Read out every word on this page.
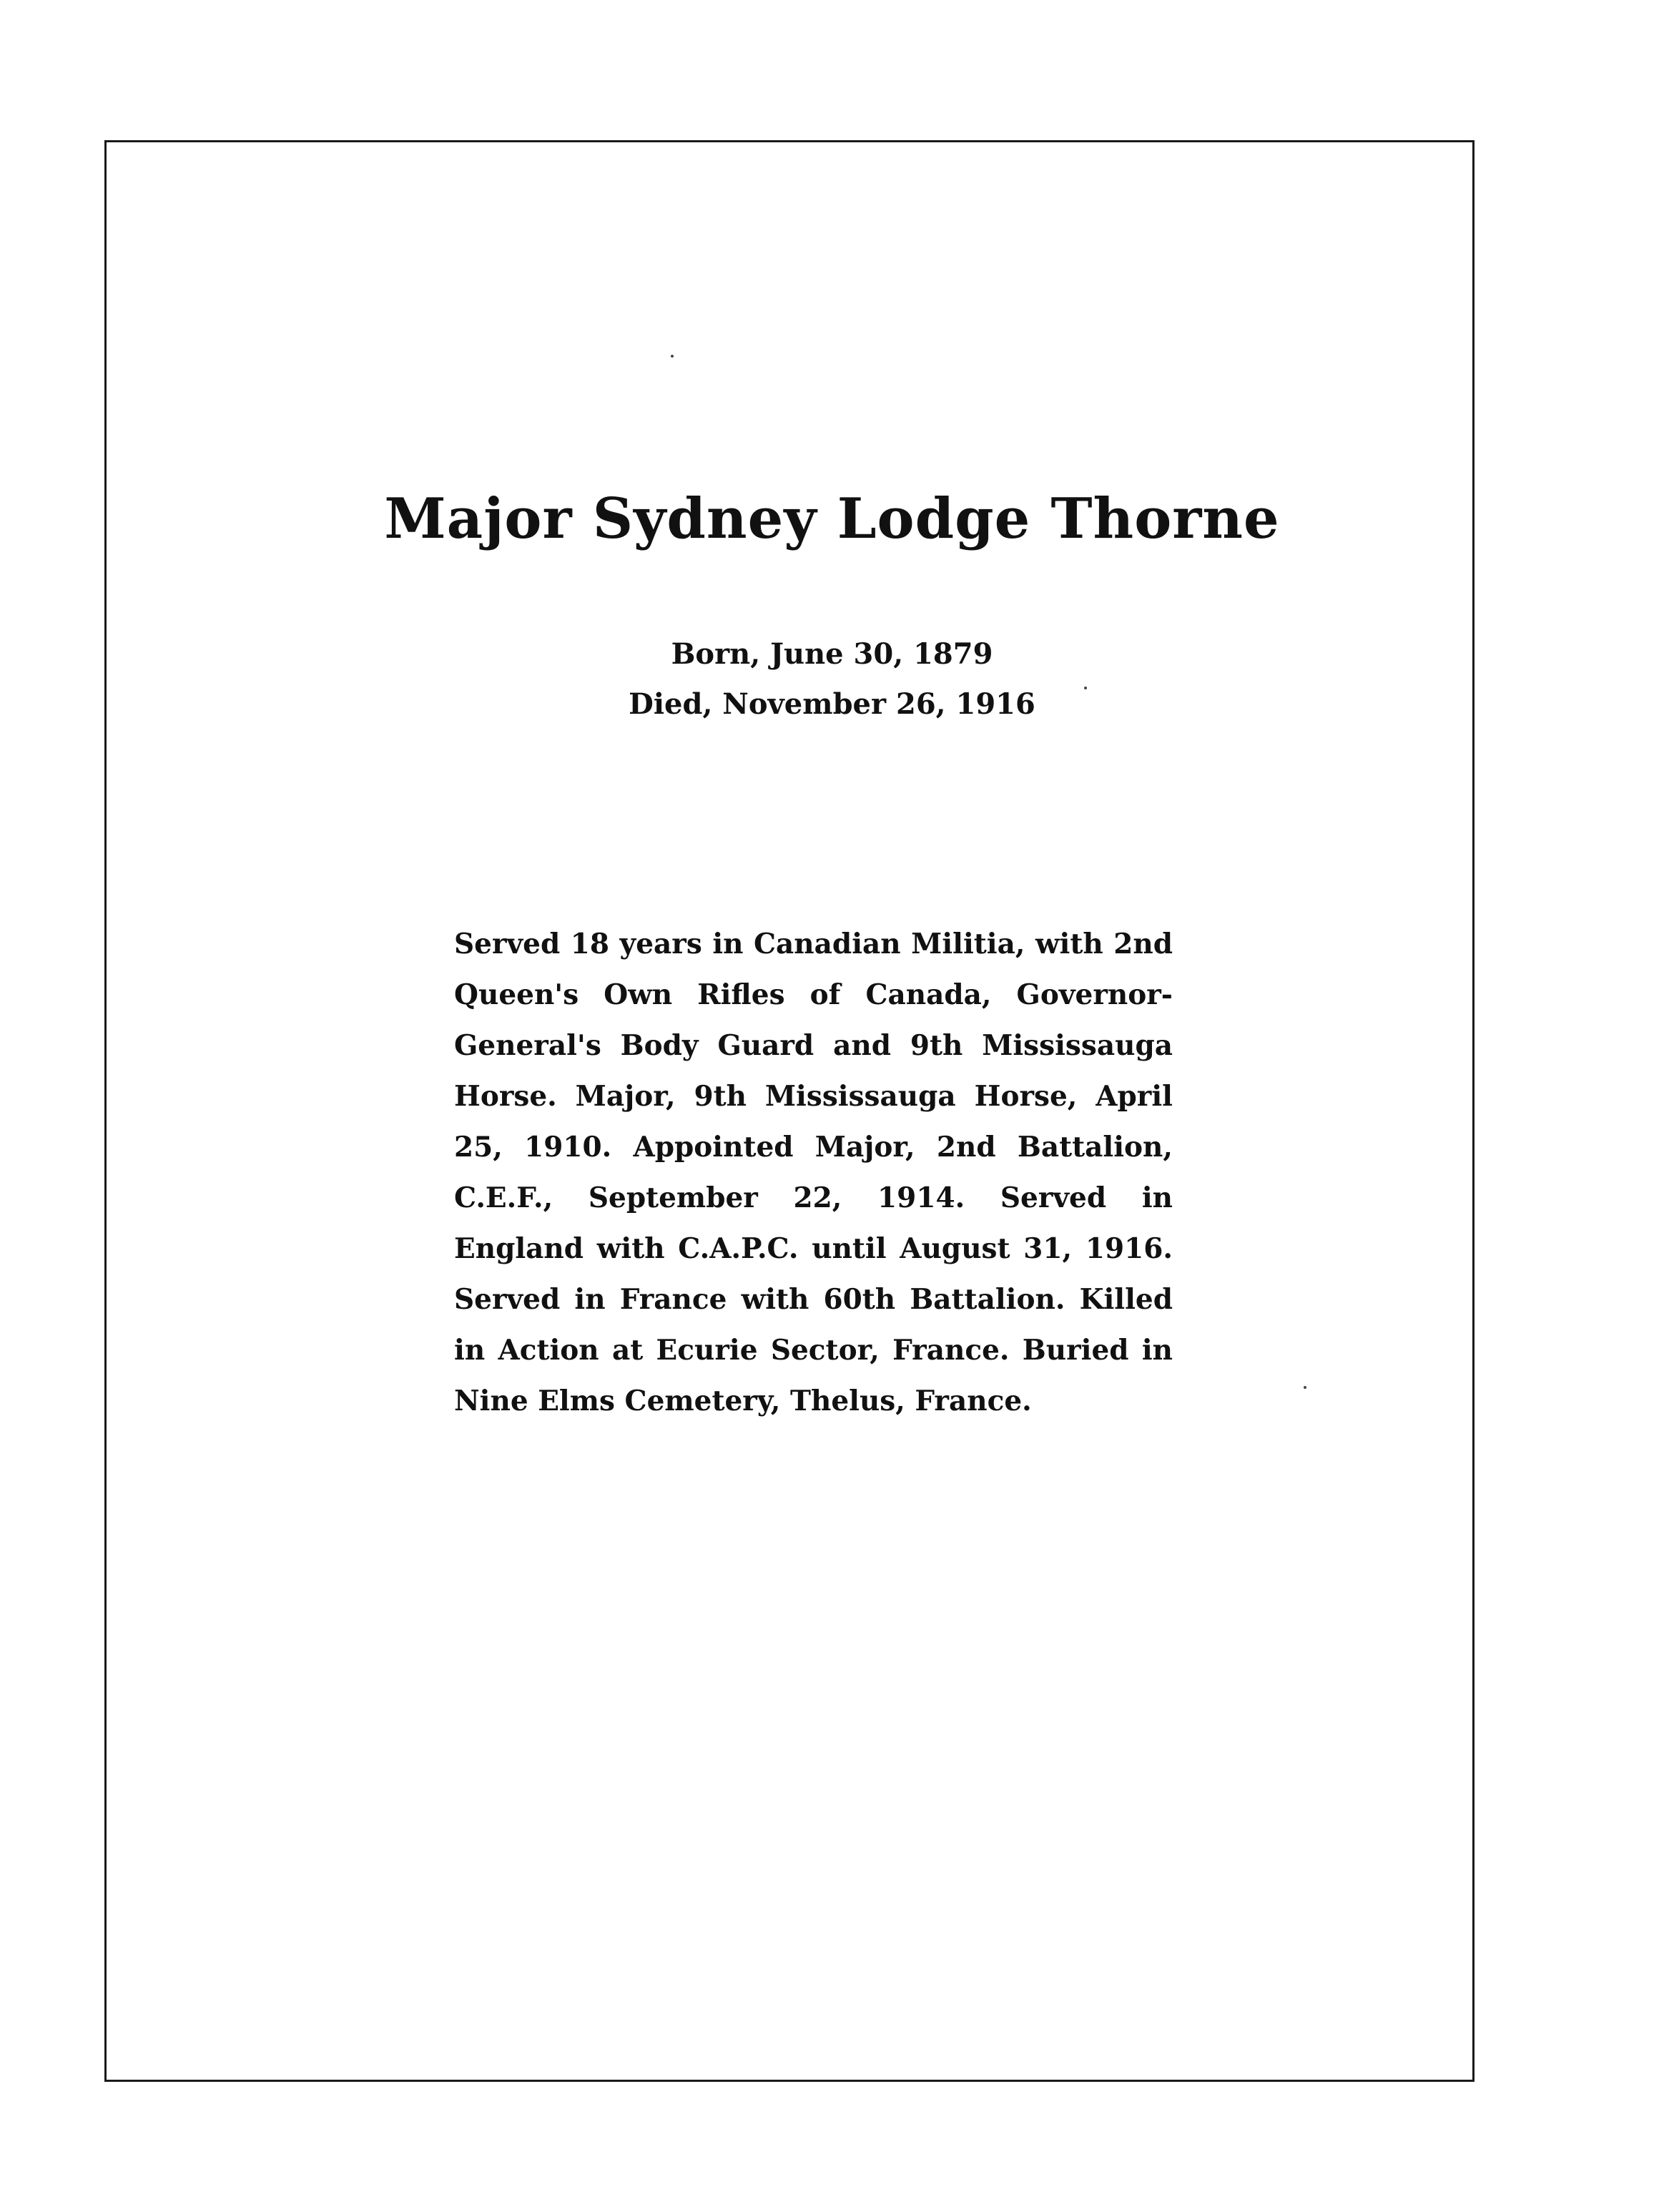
Major Sydney Lodge Thorne
Born, June 30, 1879
Died, November 26, 1916
Served 18 years in Canadian Militia, with 2nd
Queen's Own Rifles of Canada, Governor-
General's Body Guard and 9th Mississauga
Horse. Major, 9th Mississauga Horse, April
25, 1910. Appointed Major, 2nd Battalion,
C.E.F., September 22, 1914. Served in
England with C.A.P.C. until August 31, 1916.
Served in France with 60th Battalion. Killed
in Action at Ecurie Sector, France. Buried in
Nine Elms Cemetery, Thelus, France.
